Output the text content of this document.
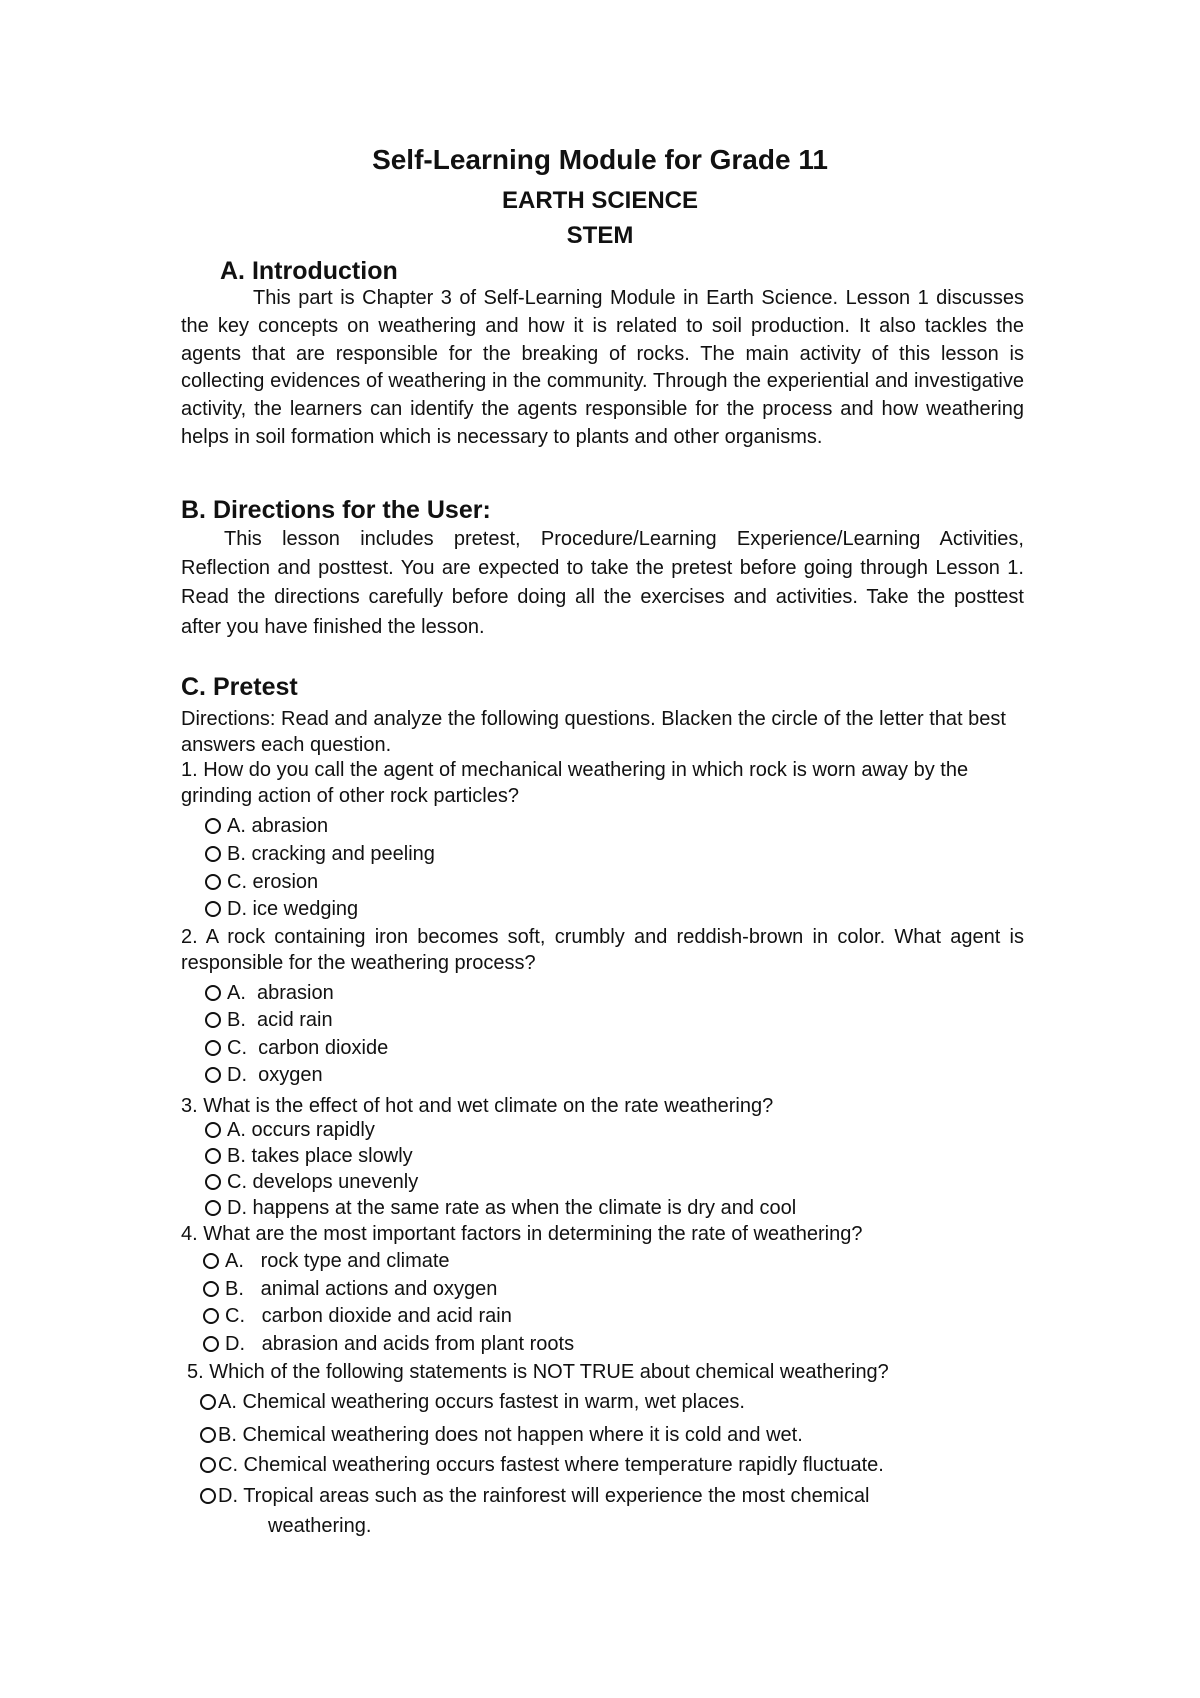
Self-Learning Module for Grade 11
EARTH SCIENCE
STEM
A. Introduction

This part is Chapter 3 of Self-Learning Module in Earth Science. Lesson 1 discusses the key concepts on weathering and how it is related to soil production. It also tackles the agents that are responsible for the breaking of rocks. The main activity of this lesson is collecting evidences of weathering in the community. Through the experiential and investigative activity, the learners can identify the agents responsible for the process and how weathering helps in soil formation which is necessary to plants and other organisms.

B. Directions for the User:

This lesson includes pretest, Procedure/Learning Experience/Learning Activities, Reflection and posttest. You are expected to take the pretest before going through Lesson 1. Read the directions carefully before doing all the exercises and activities. Take the posttest after you have finished the lesson.

C. Pretest

Directions: Read and analyze the following questions. Blacken the circle of the letter that best answers each question.

1. How do you call the agent of mechanical weathering in which rock is worn away by the grinding action of other rock particles?

A. abrasion
B. cracking and peeling
C. erosion
D. ice wedging

2. A rock containing iron becomes soft, crumbly and reddish-brown in color. What agent is responsible for the weathering process?

A.  abrasion
B.  acid rain
C.  carbon dioxide
D.  oxygen
3. What is the effect of hot and wet climate on the rate weathering?
A. occurs rapidly
B. takes place slowly
C. develops unevenly
D. happens at the same rate as when the climate is dry and cool
4. What are the most important factors in determining the rate of weathering?
A.   rock type and climate
B.   animal actions and oxygen
C.   carbon dioxide and acid rain
D.   abrasion and acids from plant roots
5. Which of the following statements is NOT TRUE about chemical weathering?
A. Chemical weathering occurs fastest in warm, wet places.
B. Chemical weathering does not happen where it is cold and wet.
C. Chemical weathering occurs fastest where temperature rapidly fluctuate.
D. Tropical areas such as the rainforest will experience the most chemical
weathering.
